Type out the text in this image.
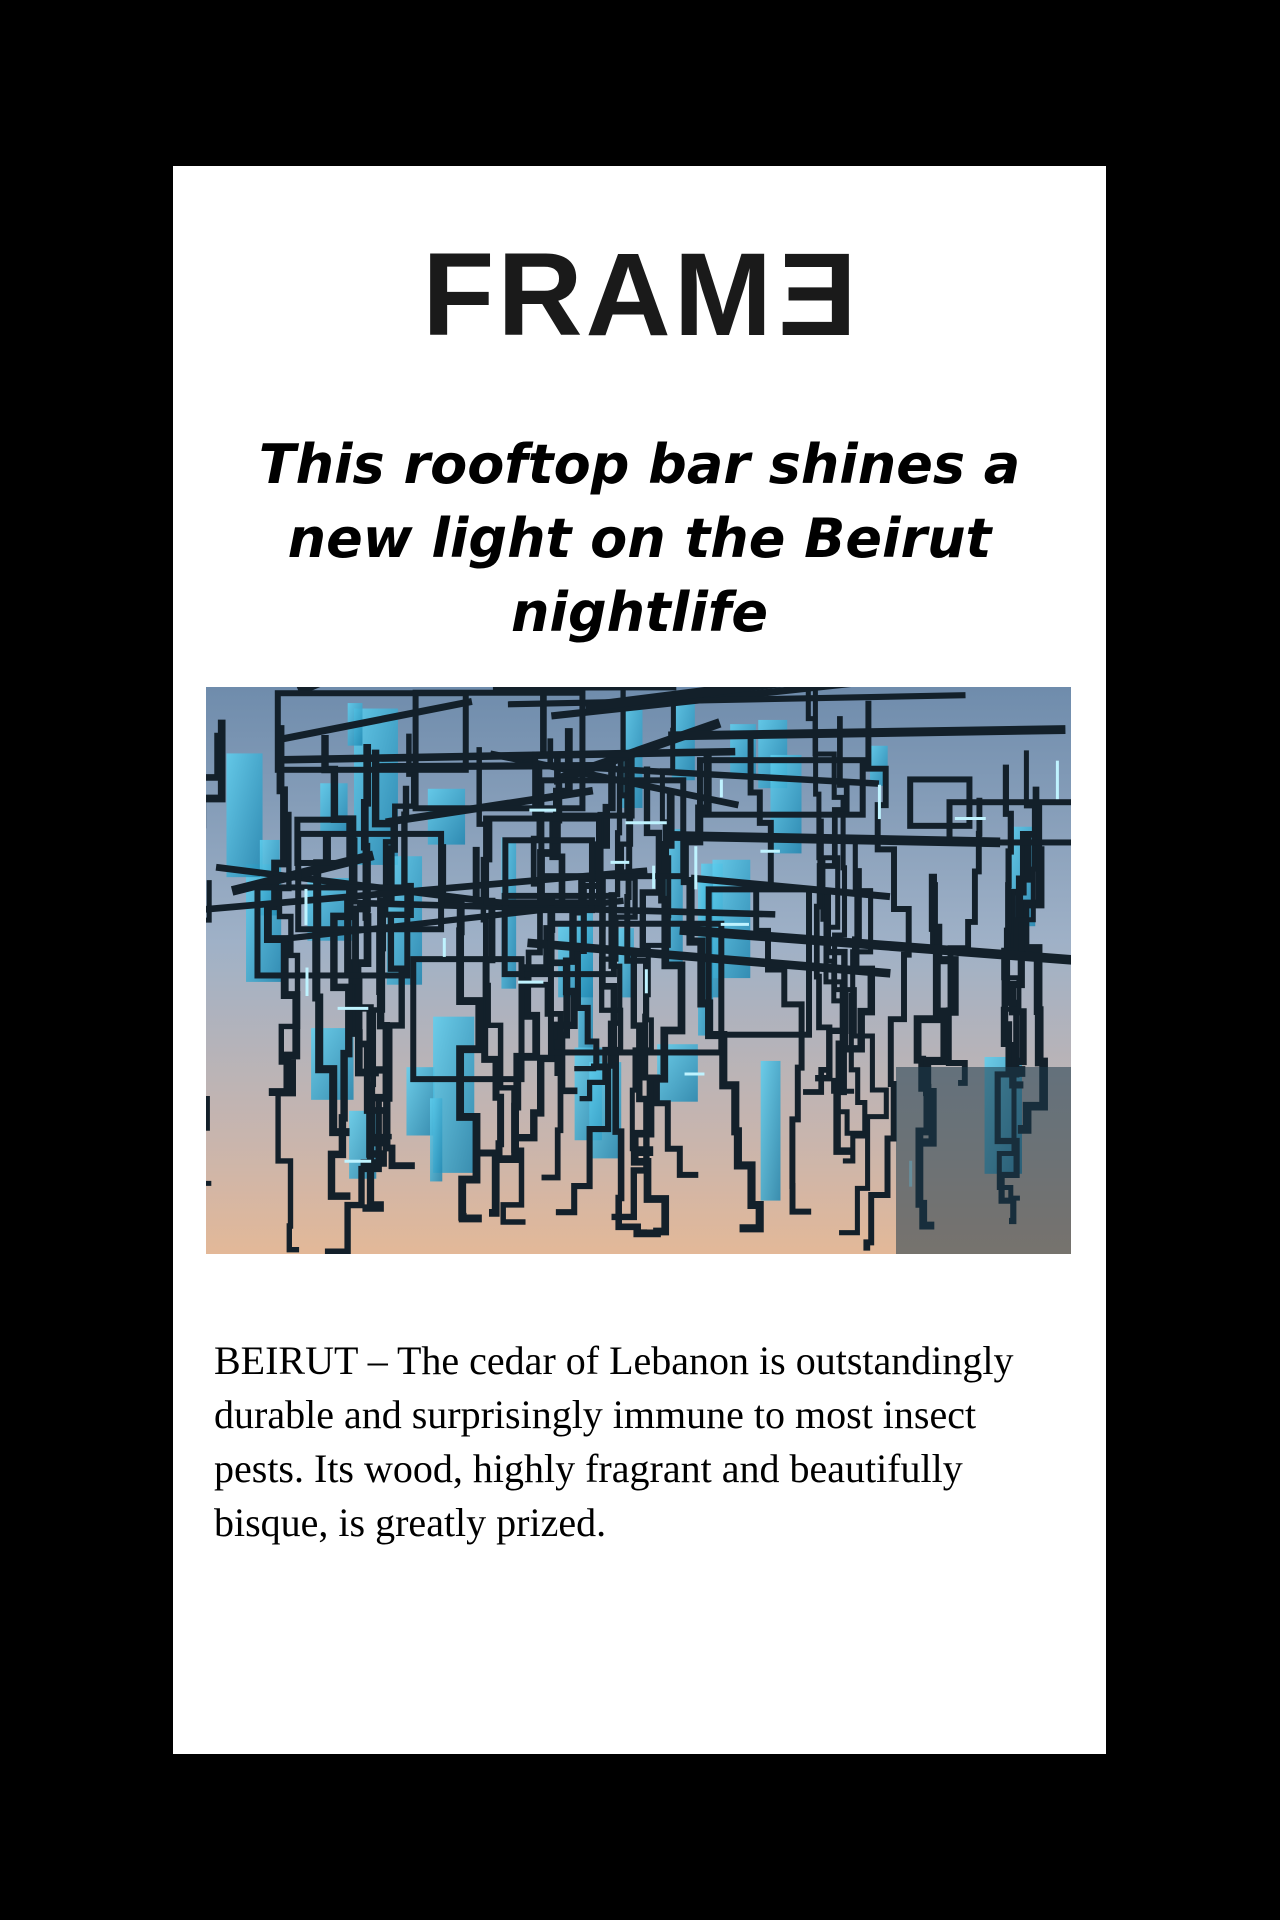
FRAME
This rooftop bar shines a new light on the Beirut nightlife

BEIRUT – The cedar of Lebanon is outstandingly durable and surprisingly immune to most insect pests. Its wood, highly fragrant and beautifully bisque, is greatly prized.
